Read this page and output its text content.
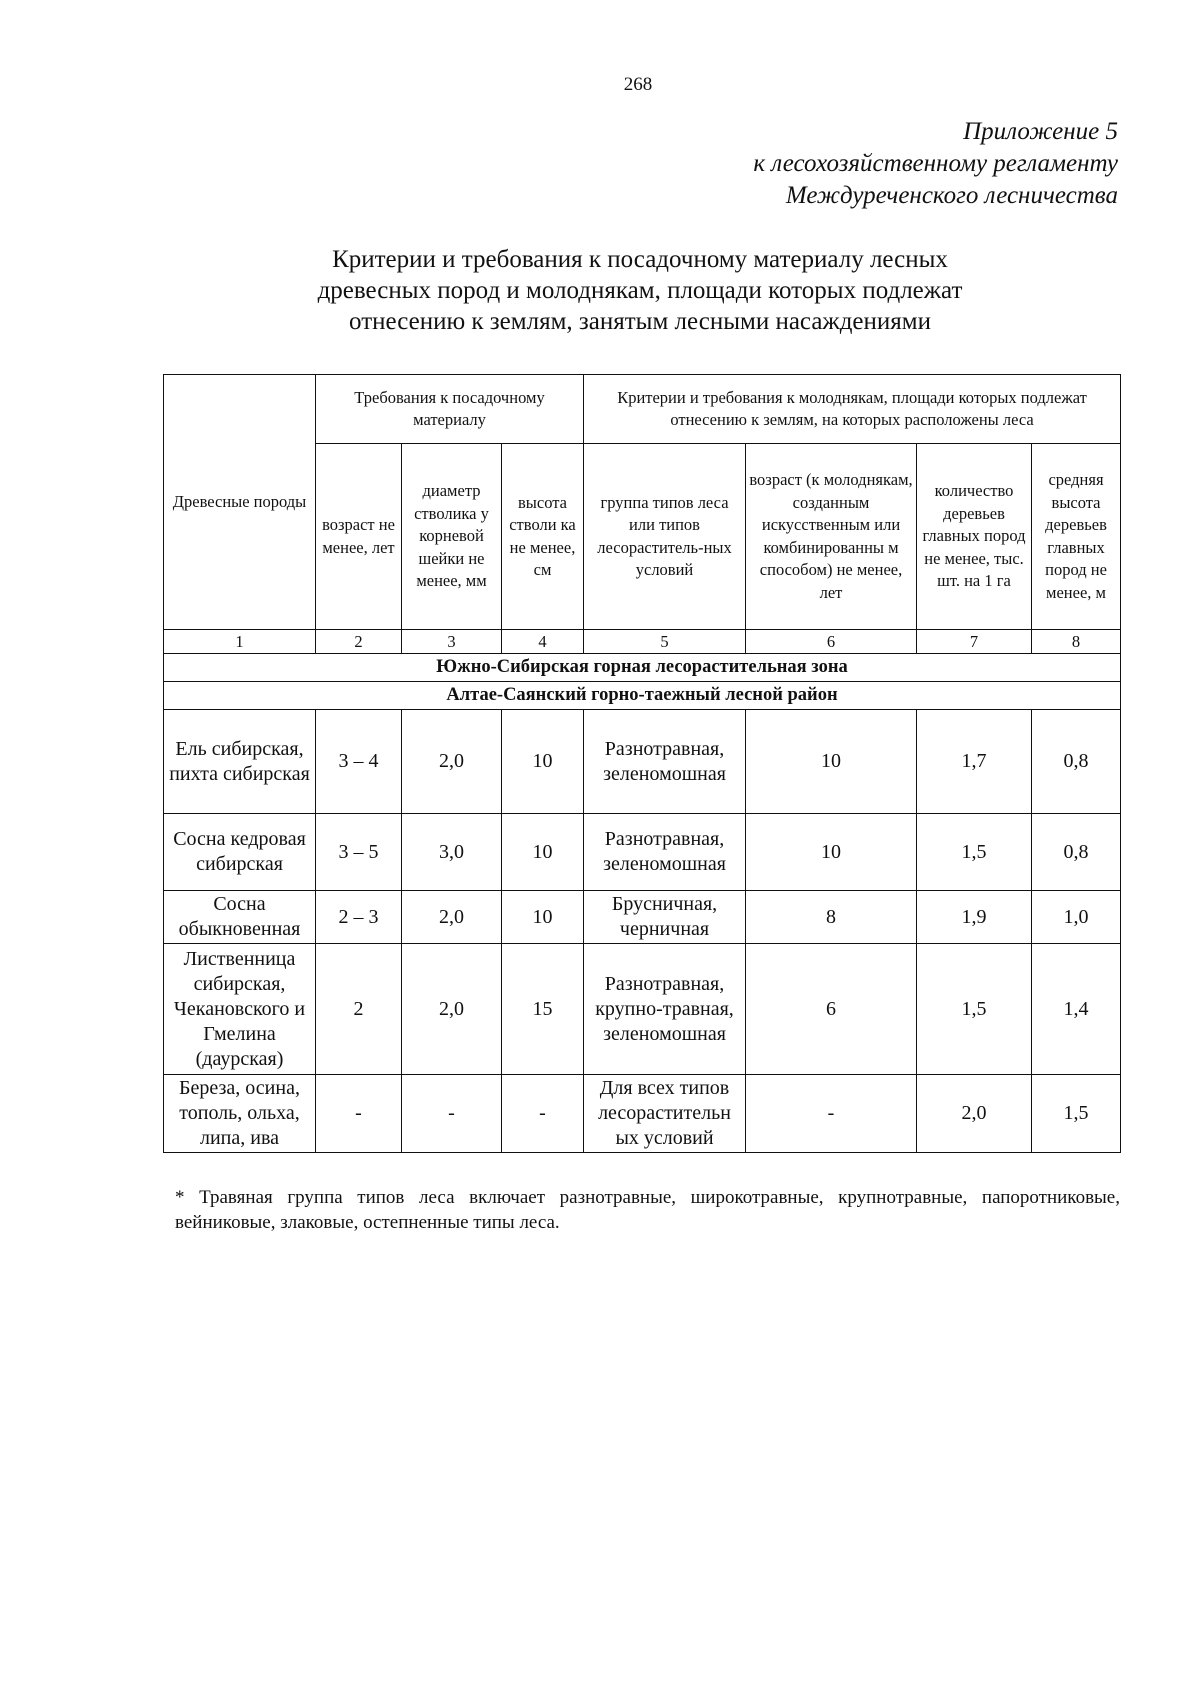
268
Приложение 5
к лесохозяйственному регламенту
Междуреченского лесничества
Критерии и требования к посадочному материалу лесных
древесных пород и молоднякам, площади которых подлежат
отнесению к землям, занятым лесными насаждениями
Древесные породы	Требования к посадочному материалу			Критерии и требования к молоднякам, площади которых подлежат отнесению к землям, на которых расположены леса			
	возраст не менее, лет	диаметр стволика у корневой шейки не менее, мм	высота стволи ка не менее, см	группа типов леса или типов лесораститель-ных условий	возраст (к молоднякам, созданным искусственным или комбинированны м способом) не менее, лет	количество деревьев главных пород не менее, тыс. шт. на 1 га	средняя высота деревьев главных пород не менее, м
1	2	3	4	5	6	7	8
Южно-Сибирская горная лесорастительная зона							
Алтае-Саянский горно-таежный лесной район							
Ель сибирская, пихта сибирская	3 – 4	2,0	10	Разнотравная, зеленомошная	10	1,7	0,8
Сосна кедровая сибирская	3 – 5	3,0	10	Разнотравная, зеленомошная	10	1,5	0,8
Сосна обыкновенная	2 – 3	2,0	10	Брусничная, черничная	8	1,9	1,0
Лиственница сибирская, Чекановского и Гмелина (даурская)	2	2,0	15	Разнотравная, крупно-травная, зеленомошная	6	1,5	1,4
Береза, осина, тополь, ольха, липа, ива	-	-	-	Для всех типов лесорастительн ых условий	-	2,0	1,5
* Травяная группа типов леса включает разнотравные, широкотравные, крупнотравные, папоротниковые, вейниковые, злаковые, остепненные типы леса.
